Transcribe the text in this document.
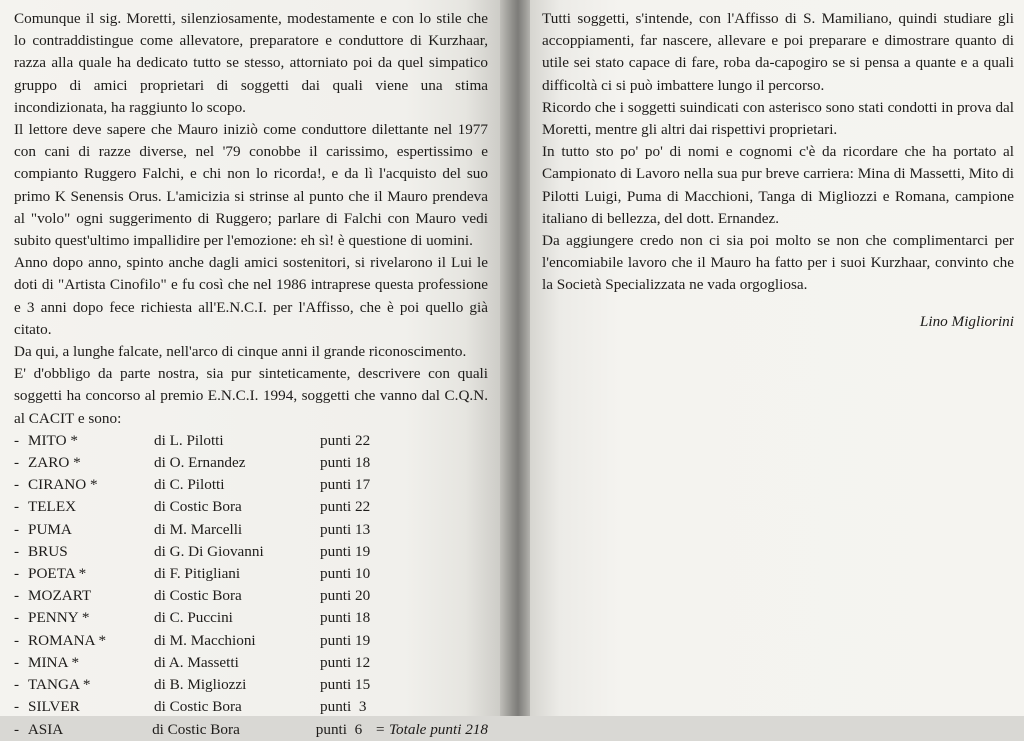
Comunque il sig. Moretti, silenziosamente, modestamente e con lo stile che lo contraddistingue come allevatore, preparatore e conduttore di Kurzhaar, razza alla quale ha dedicato tutto se stesso, attorniato poi da quel simpatico gruppo di amici proprietari di soggetti dai quali viene una stima incondizionata, ha raggiunto lo scopo.

Il lettore deve sapere che Mauro iniziò come conduttore dilettante nel 1977 con cani di razze diverse, nel '79 conobbe il carissimo, espertissimo e compianto Ruggero Falchi, e chi non lo ricorda!, e da lì l'acquisto del suo primo K Senensis Orus. L'amicizia si strinse al punto che il Mauro prendeva al "volo" ogni suggerimento di Ruggero; parlare di Falchi con Mauro vedi subito quest'ultimo impallidire per l'emozione: eh sì! è questione di uomini.

Anno dopo anno, spinto anche dagli amici sostenitori, si rivelarono il Lui le doti di "Artista Cinofilo" e fu così che nel 1986 intraprese questa professione e 3 anni dopo fece richiesta all'E.N.C.I. per l'Affisso, che è poi quello già citato.

Da qui, a lunghe falcate, nell'arco di cinque anni il grande riconoscimento.

E' d'obbligo da parte nostra, sia pur sinteticamente, descrivere con quali soggetti ha concorso al premio E.N.C.I. 1994, soggetti che vanno dal C.Q.N. al CACIT e sono:

- MITO *	di L. Pilotti	punti 22
- ZARO *	di O. Ernandez	punti 18
- CIRANO *	di C. Pilotti	punti 17
- TELEX	di Costic Bora	punti 22
- PUMA	di M. Marcelli	punti 13
- BRUS	di G. Di Giovanni	punti 19
- POETA *	di F. Pitigliani	punti 10
- MOZART	di Costic Bora	punti 20
- PENNY *	di C. Puccini	punti 18
- ROMANA *	di M. Macchioni	punti 19
- MINA *	di A. Massetti	punti 12
- TANGA *	di B. Migliozzi	punti 15
- SILVER	di Costic Bora	punti  3
- ASIA	di Costic Bora	punti  6 = Totale punti 218

Tutti soggetti, s'intende, con l'Affisso di S. Mamiliano, quindi studiare gli accoppiamenti, far nascere, allevare e poi preparare e dimostrare quanto di utile sei stato capace di fare, roba da-capogiro se si pensa a quante e a quali difficoltà ci si può imbattere lungo il percorso.

Ricordo che i soggetti suindicati con asterisco sono stati condotti in prova dal Moretti, mentre gli altri dai rispettivi proprietari.

In tutto sto po' po' di nomi e cognomi c'è da ricordare che ha portato al Campionato di Lavoro nella sua pur breve carriera: Mina di Massetti, Mito di Pilotti Luigi, Puma di Macchioni, Tanga di Migliozzi e Romana, campione italiano di bellezza, del dott. Ernandez.

Da aggiungere credo non ci sia poi molto se non che complimentarci per l'encomiabile lavoro che il Mauro ha fatto per i suoi Kurzhaar, convinto che la Società Specializzata ne vada orgogliosa.

Lino Migliorini
